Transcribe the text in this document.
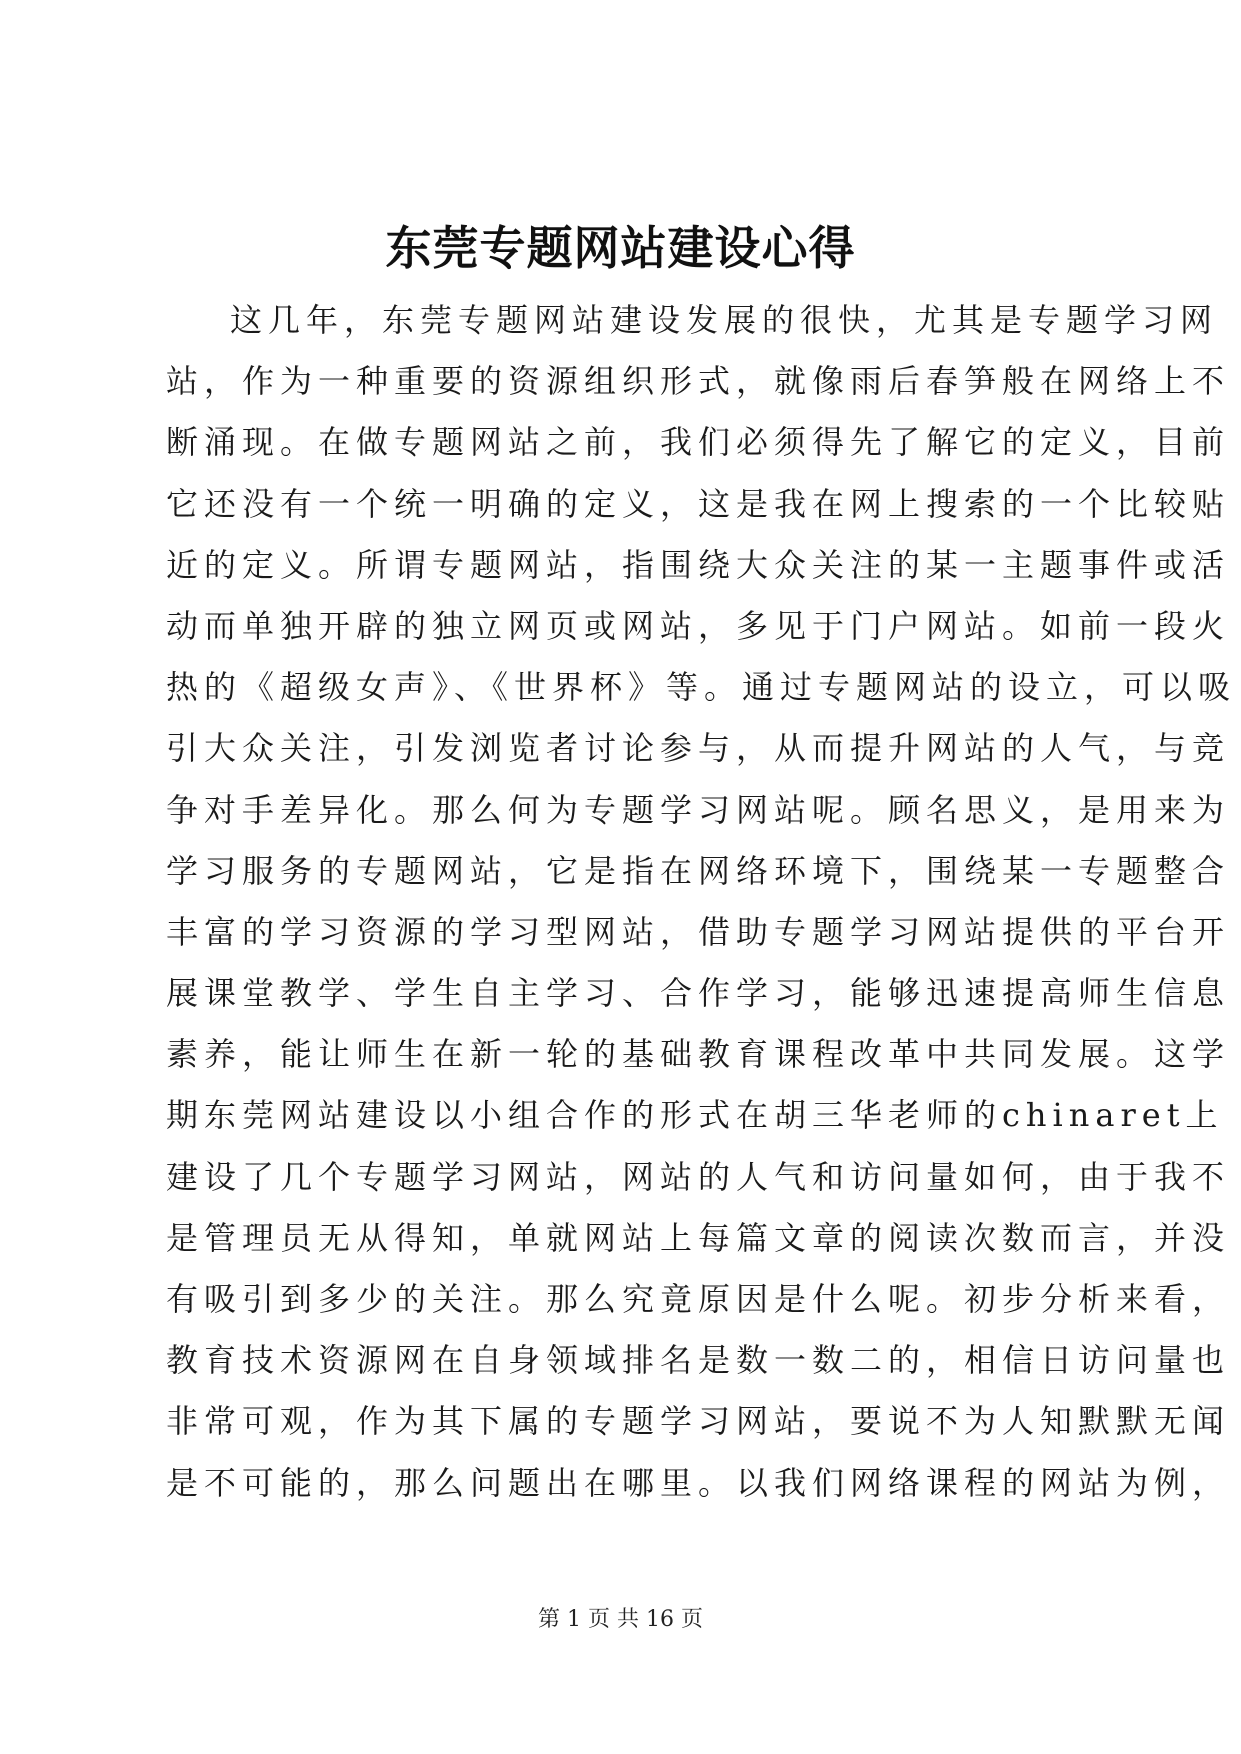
东莞专题网站建设心得
这几年，东莞专题网站建设发展的很快，尤其是专题学习网
站，作为一种重要的资源组织形式，就像雨后春笋般在网络上不
断涌现。在做专题网站之前，我们必须得先了解它的定义，目前
它还没有一个统一明确的定义，这是我在网上搜索的一个比较贴
近的定义。所谓专题网站，指围绕大众关注的某一主题事件或活
动而单独开辟的独立网页或网站，多见于门户网站。如前一段火
热的《超级女声》、《世界杯》等。通过专题网站的设立，可以吸
引大众关注，引发浏览者讨论参与，从而提升网站的人气，与竞
争对手差异化。那么何为专题学习网站呢。顾名思义，是用来为
学习服务的专题网站，它是指在网络环境下，围绕某一专题整合
丰富的学习资源的学习型网站，借助专题学习网站提供的平台开
展课堂教学、学生自主学习、合作学习，能够迅速提高师生信息
素养，能让师生在新一轮的基础教育课程改革中共同发展。这学
期东莞网站建设以小组合作的形式在胡三华老师的chinaret上
建设了几个专题学习网站，网站的人气和访问量如何，由于我不
是管理员无从得知，单就网站上每篇文章的阅读次数而言，并没
有吸引到多少的关注。那么究竟原因是什么呢。初步分析来看，
教育技术资源网在自身领域排名是数一数二的，相信日访问量也
非常可观，作为其下属的专题学习网站，要说不为人知默默无闻
是不可能的，那么问题出在哪里。以我们网络课程的网站为例，
第 1 页 共 16 页
